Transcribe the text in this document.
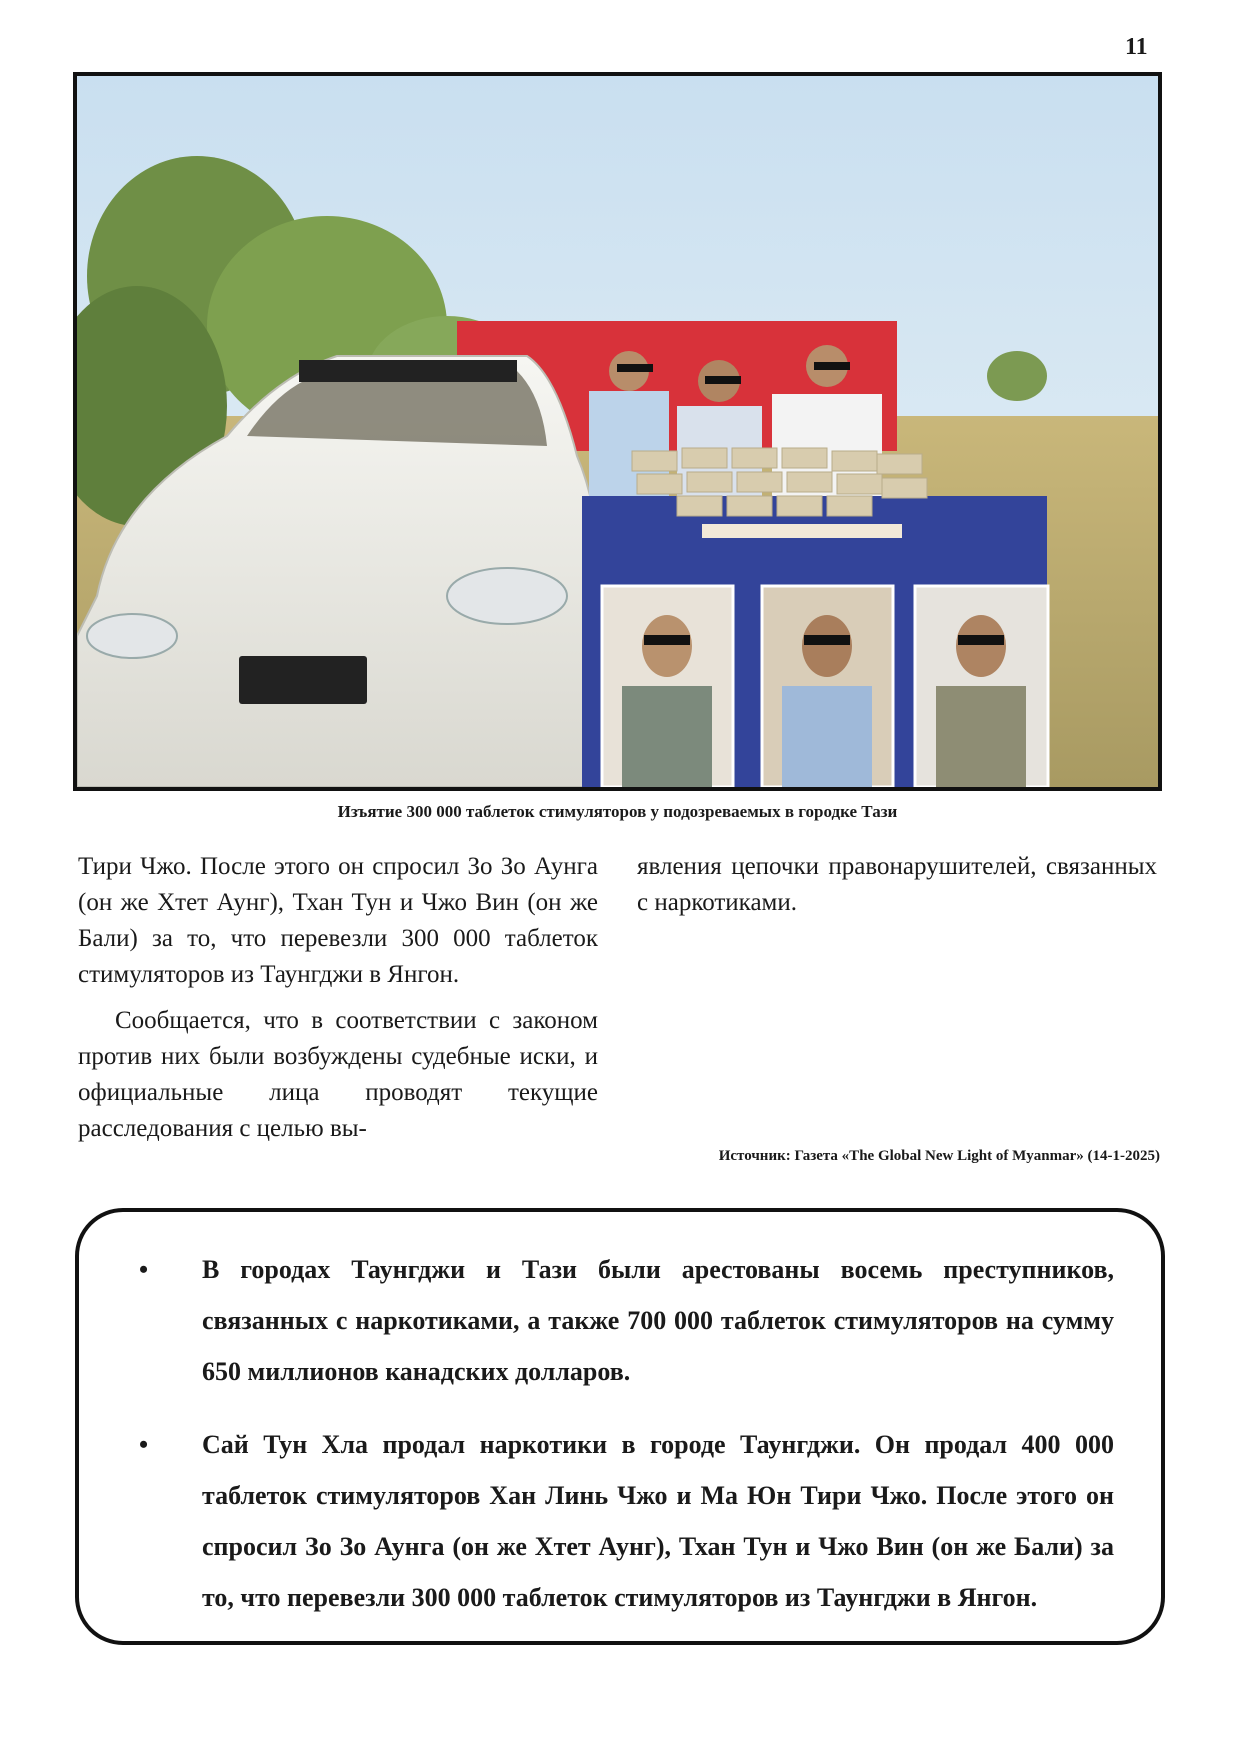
11
Изъятие 300 000 таблеток стимуляторов у подозреваемых в городке Тази

Тири Чжо. После этого он спросил Зо Зо Аунга (он же Хтет Аунг), Тхан Тун и Чжо Вин (он же Бали) за то, что перевезли 300 000 таблеток стимуляторов из Таунгджи в Янгон.

Сообщается, что в соответствии с законом против них были возбуждены судебные иски, и официальные лица проводят текущие расследования с целью вы-

явления цепочки правонарушителей, связанных с наркотиками.

Источник: Газета «The Global New Light of Myanmar» (14-1-2025)
• В городах Таунгджи и Тази были арестованы восемь преступников, связанных с наркотиками, а также 700 000 таблеток стимуляторов на сумму 650 миллионов канадских долларов.
• Сай Тун Хла продал наркотики в городе Таунгджи. Он продал 400 000 таблеток стимуляторов Хан Линь Чжо и Ма Юн Тири Чжо. После этого он спросил Зо Зо Аунга (он же Хтет Аунг), Тхан Тун и Чжо Вин (он же Бали) за то, что перевезли 300 000 таблеток стимуляторов из Таунгджи в Янгон.
